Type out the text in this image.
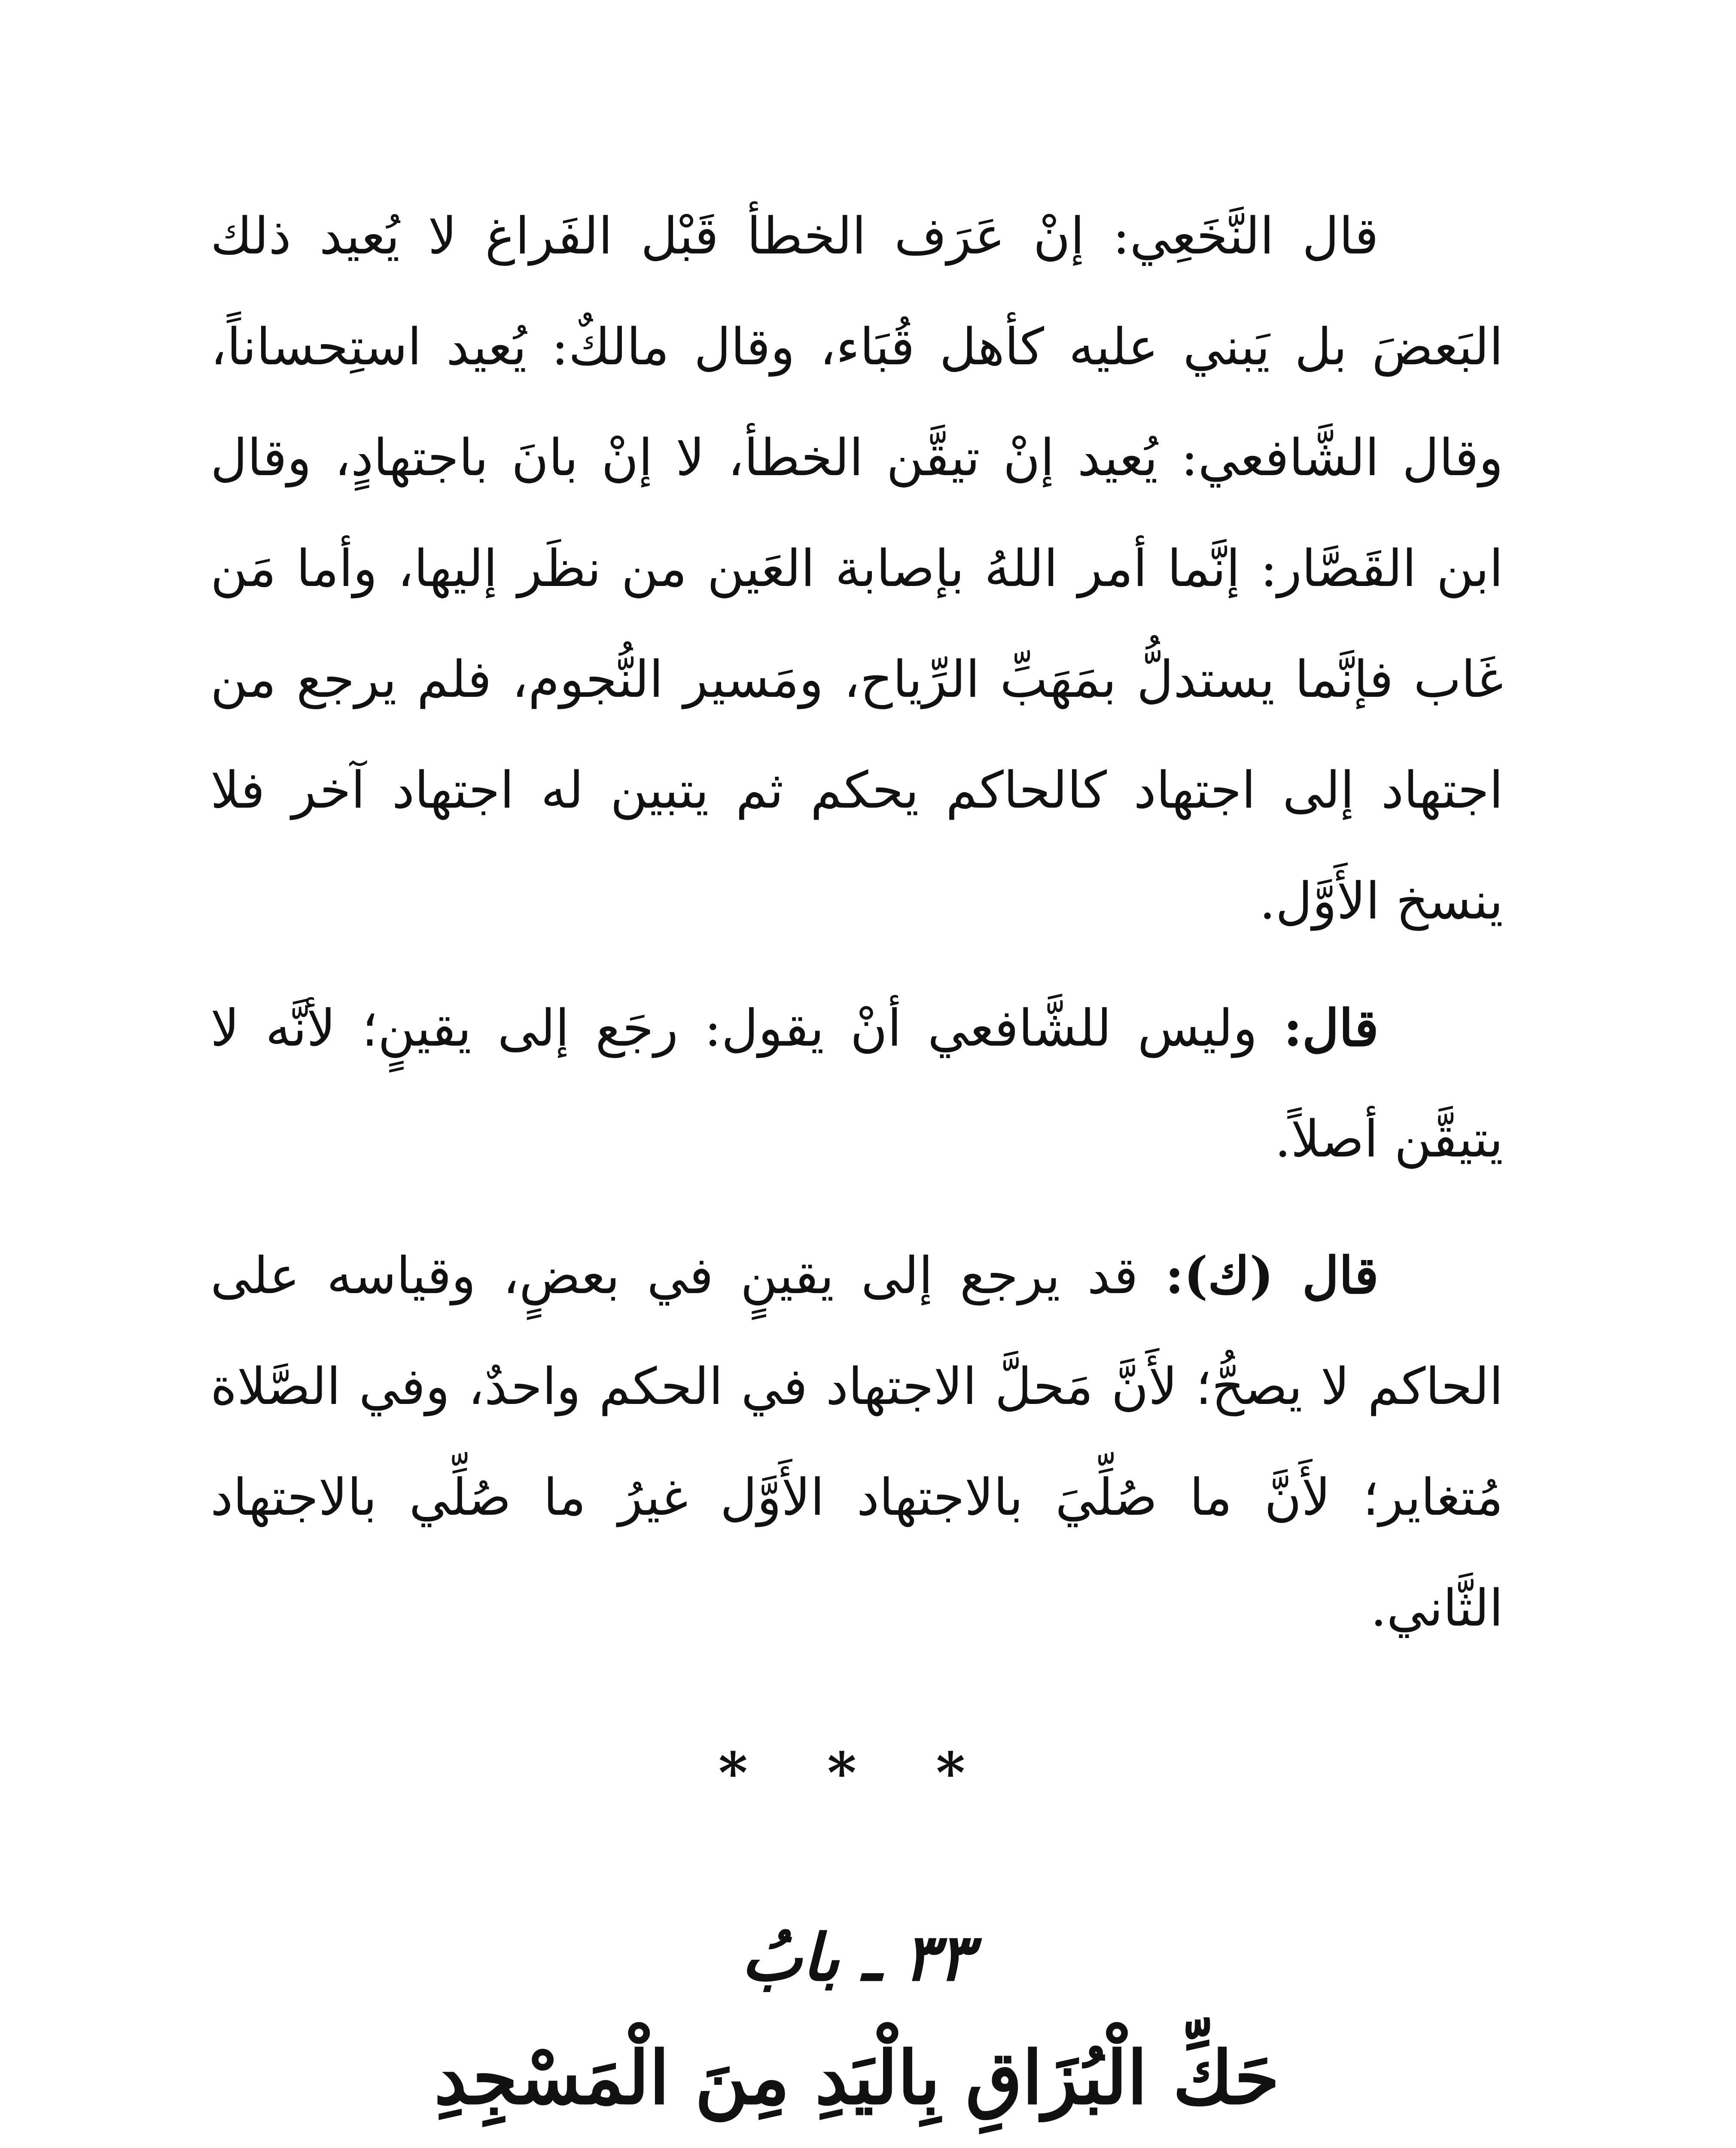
قال النَّخَعِي: إنْ عَرَف الخطأ قَبْل الفَراغ لا يُعيد ذلك البَعضَ بل يَبني عليه كأهل قُبَاء، وقال مالكٌ: يُعيد استِحساناً، وقال الشَّافعي: يُعيد إنْ تيقَّن الخطأ، لا إنْ بانَ باجتهادٍ، وقال ابن القَصَّار: إنَّما أمر اللهُ بإصابة العَين من نظَر إليها، وأما مَن غَاب فإنَّما يستدلُّ بمَهَبِّ الرِّياح، ومَسير النُّجوم، فلم يرجع من اجتهاد إلى اجتهاد كالحاكم يحكم ثم يتبين له اجتهاد آخر فلا ينسخ الأَوَّل.

قال: وليس للشَّافعي أنْ يقول: رجَع إلى يقينٍ؛ لأنَّه لا يتيقَّن أصلاً.

قال (ك): قد يرجع إلى يقينٍ في بعضٍ، وقياسه على الحاكم لا يصحُّ؛ لأَنَّ مَحلَّ الاجتهاد في الحكم واحدٌ، وفي الصَّلاة مُتغاير؛ لأَنَّ ما صُلِّيَ بالاجتهاد الأَوَّل غيرُ ما صُلِّي بالاجتهاد الثَّاني.

* * *
٣٣ ـ بابُ
حَكِّ الْبُزَاقِ بِالْيَدِ مِنَ الْمَسْجِدِ
